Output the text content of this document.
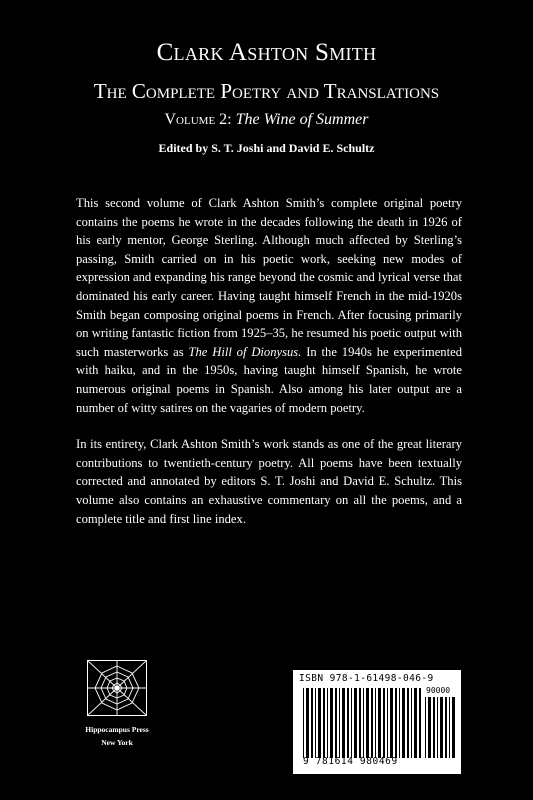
Clark Ashton Smith
The Complete Poetry and Translations
Volume 2: The Wine of Summer
Edited by S. T. Joshi and David E. Schultz

This second volume of Clark Ashton Smith’s complete original poetry contains the poems he wrote in the decades following the death in 1926 of his early mentor, George Sterling. Although much affected by Sterling’s passing, Smith carried on in his poetic work, seeking new modes of expression and expanding his range beyond the cosmic and lyrical verse that dominated his early career. Having taught himself French in the mid-1920s Smith began composing original poems in French. After focusing primarily on writing fantastic fiction from 1925–35, he resumed his poetic output with such masterworks as The Hill of Dionysus. In the 1940s he experimented with haiku, and in the 1950s, having taught himself Spanish, he wrote numerous original poems in Spanish. Also among his later output are a number of witty satires on the vagaries of modern poetry.

In its entirety, Clark Ashton Smith’s work stands as one of the great literary contributions to twentieth-century poetry. All poems have been textually corrected and annotated by editors S. T. Joshi and David E. Schultz. This volume also contains an exhaustive commentary on all the poems, and a complete title and first line index.

Hippocampus Press
New York
ISBN 978-1-61498-046-9
90000
9 781614 980469
